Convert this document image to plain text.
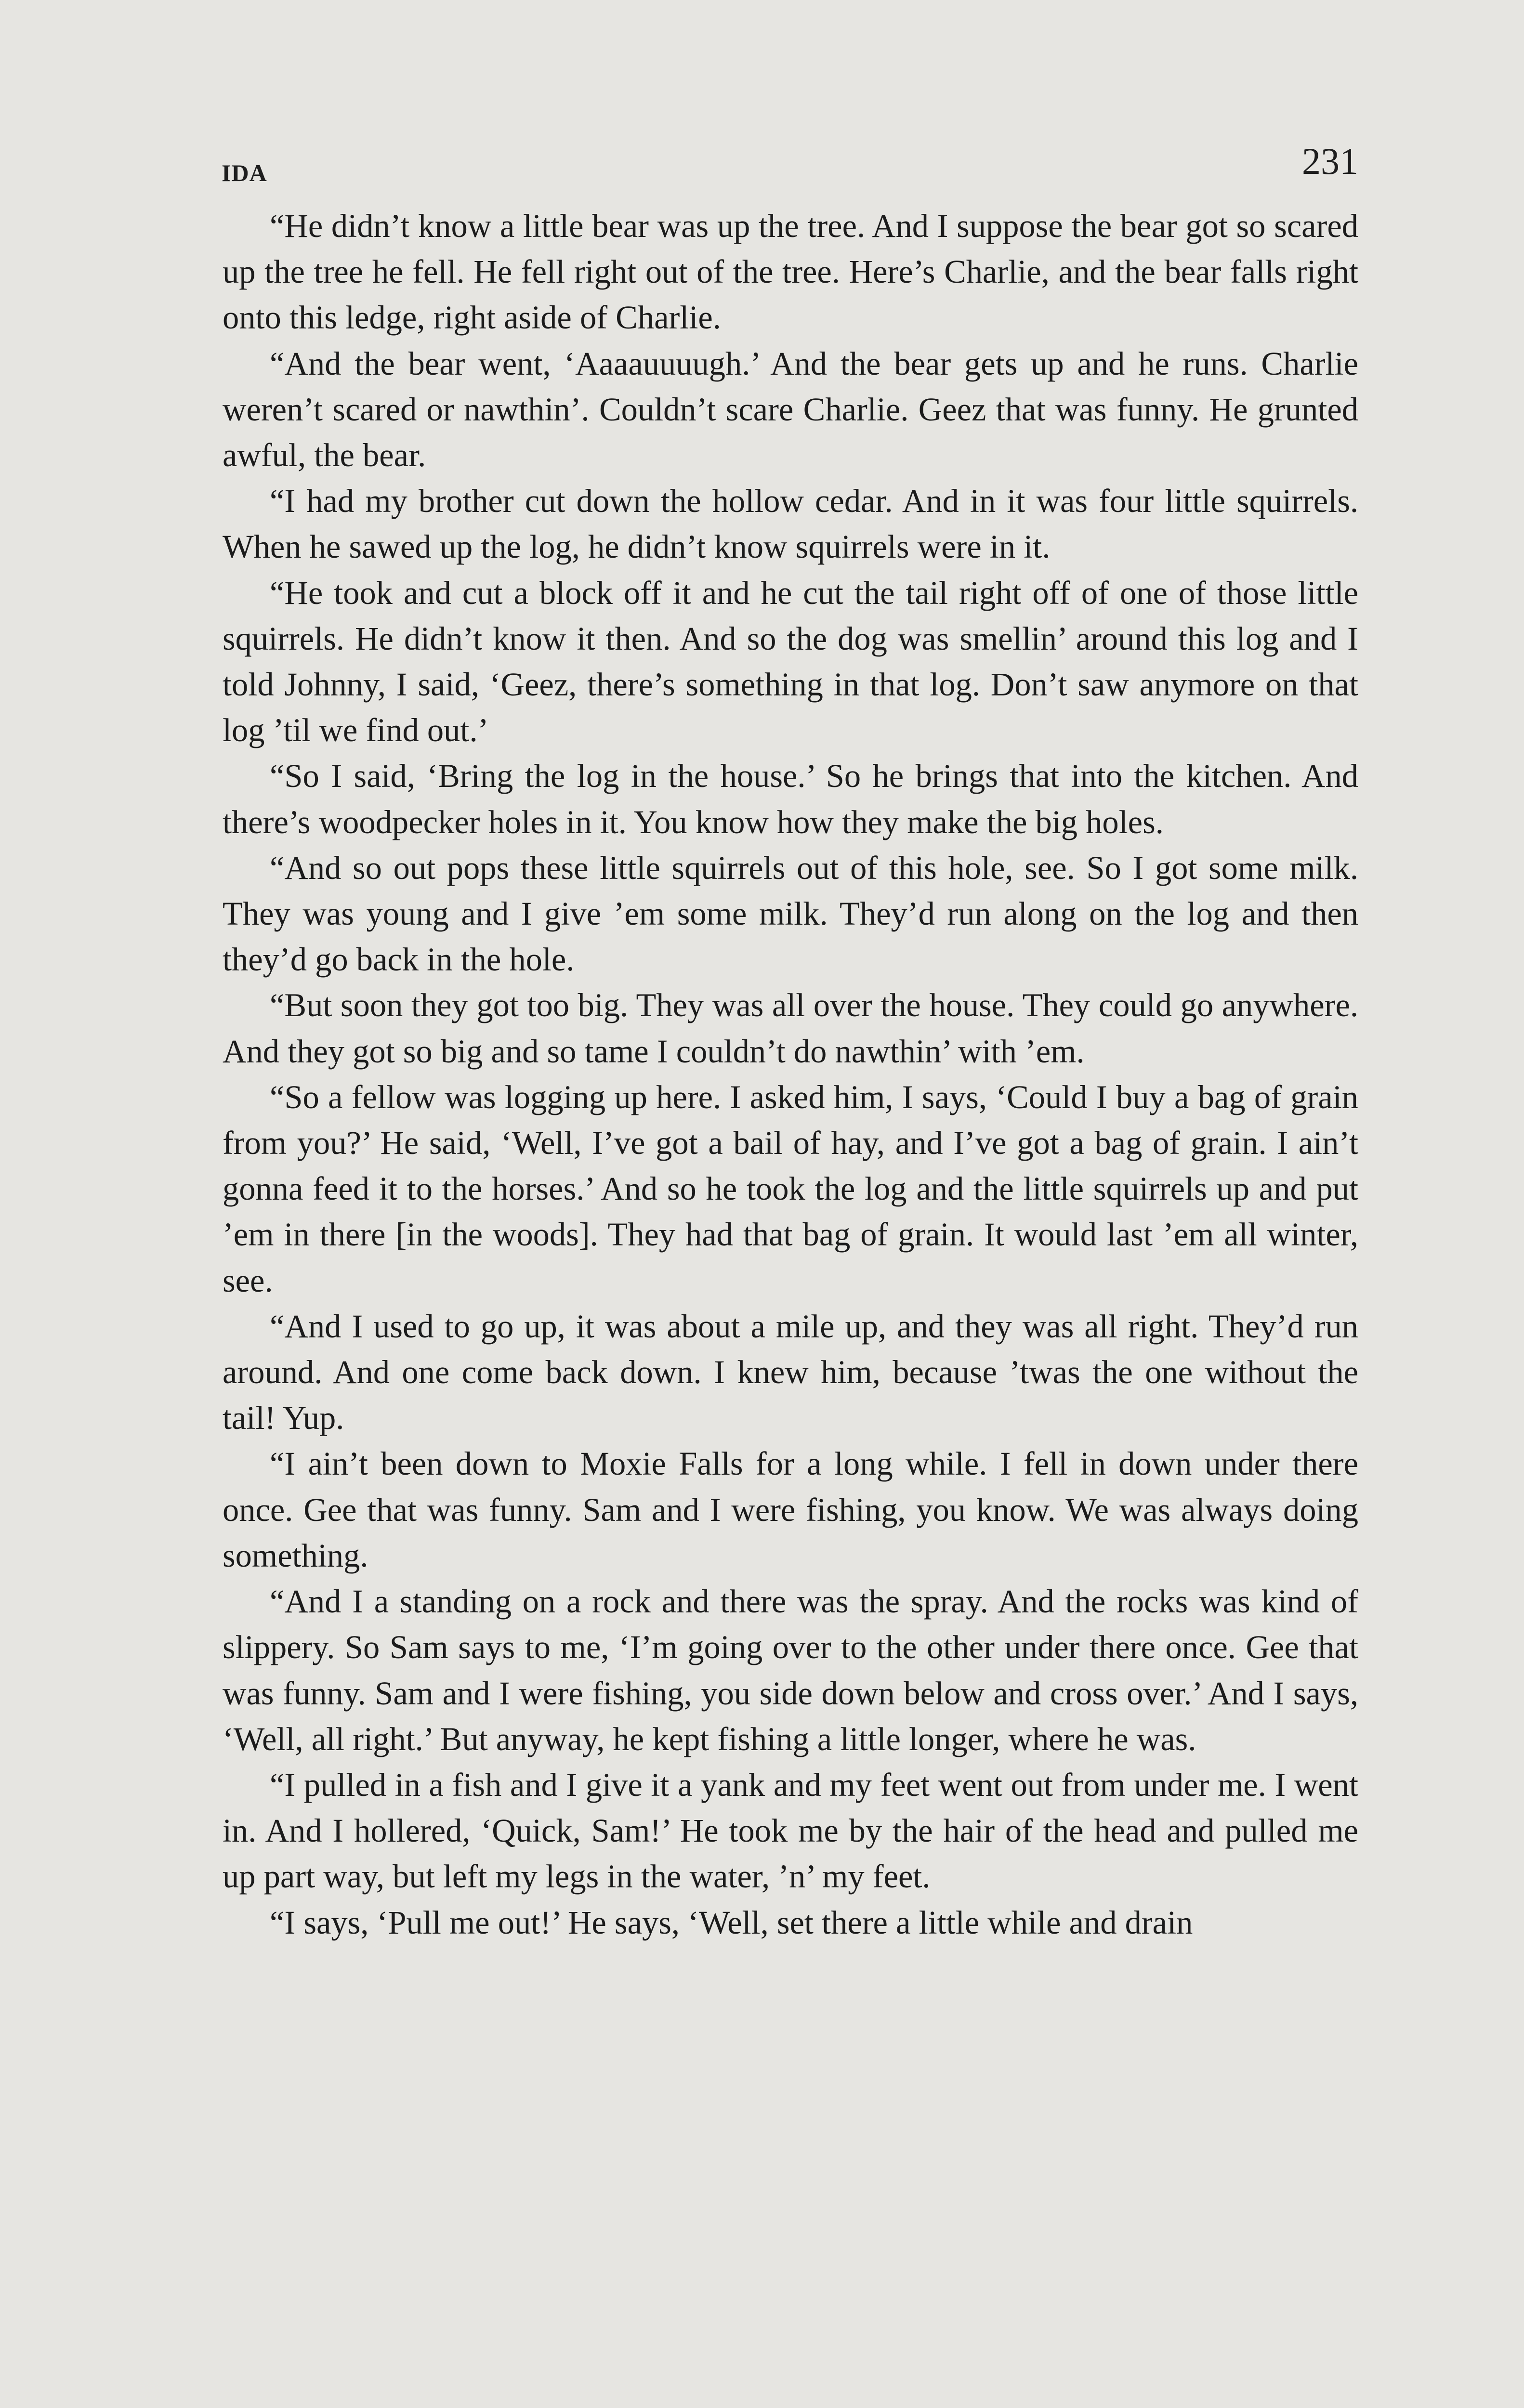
IDA	231

“He didn’t know a little bear was up the tree. And I suppose the bear got so scared up the tree he fell. He fell right out of the tree. Here’s Charlie, and the bear falls right onto this ledge, right aside of Charlie.

“And the bear went, ‘Aaaauuuugh.’ And the bear gets up and he runs. Charlie weren’t scared or nawthin’. Couldn’t scare Charlie. Geez that was funny. He grunted awful, the bear.

“I had my brother cut down the hollow cedar. And in it was four little squirrels. When he sawed up the log, he didn’t know squirrels were in it.

“He took and cut a block off it and he cut the tail right off of one of those little squirrels. He didn’t know it then. And so the dog was smellin’ around this log and I told Johnny, I said, ‘Geez, there’s something in that log. Don’t saw anymore on that log ’til we find out.’

“So I said, ‘Bring the log in the house.’ So he brings that into the kitchen. And there’s woodpecker holes in it. You know how they make the big holes.

“And so out pops these little squirrels out of this hole, see. So I got some milk. They was young and I give ’em some milk. They’d run along on the log and then they’d go back in the hole.

“But soon they got too big. They was all over the house. They could go anywhere. And they got so big and so tame I couldn’t do nawthin’ with ’em.

“So a fellow was logging up here. I asked him, I says, ‘Could I buy a bag of grain from you?’ He said, ‘Well, I’ve got a bail of hay, and I’ve got a bag of grain. I ain’t gonna feed it to the horses.’ And so he took the log and the little squirrels up and put ’em in there [in the woods]. They had that bag of grain. It would last ’em all winter, see.

“And I used to go up, it was about a mile up, and they was all right. They’d run around. And one come back down. I knew him, because ’twas the one without the tail! Yup.

“I ain’t been down to Moxie Falls for a long while. I fell in down under there once. Gee that was funny. Sam and I were fishing, you know. We was always doing something.

“And I a standing on a rock and there was the spray. And the rocks was kind of slippery. So Sam says to me, ‘I’m going over to the other under there once. Gee that was funny. Sam and I were fishing, you side down below and cross over.’ And I says, ‘Well, all right.’ But anyway, he kept fishing a little longer, where he was.

“I pulled in a fish and I give it a yank and my feet went out from under me. I went in. And I hollered, ‘Quick, Sam!’ He took me by the hair of the head and pulled me up part way, but left my legs in the water, ’n’ my feet.

“I says, ‘Pull me out!’ He says, ‘Well, set there a little while and drain
